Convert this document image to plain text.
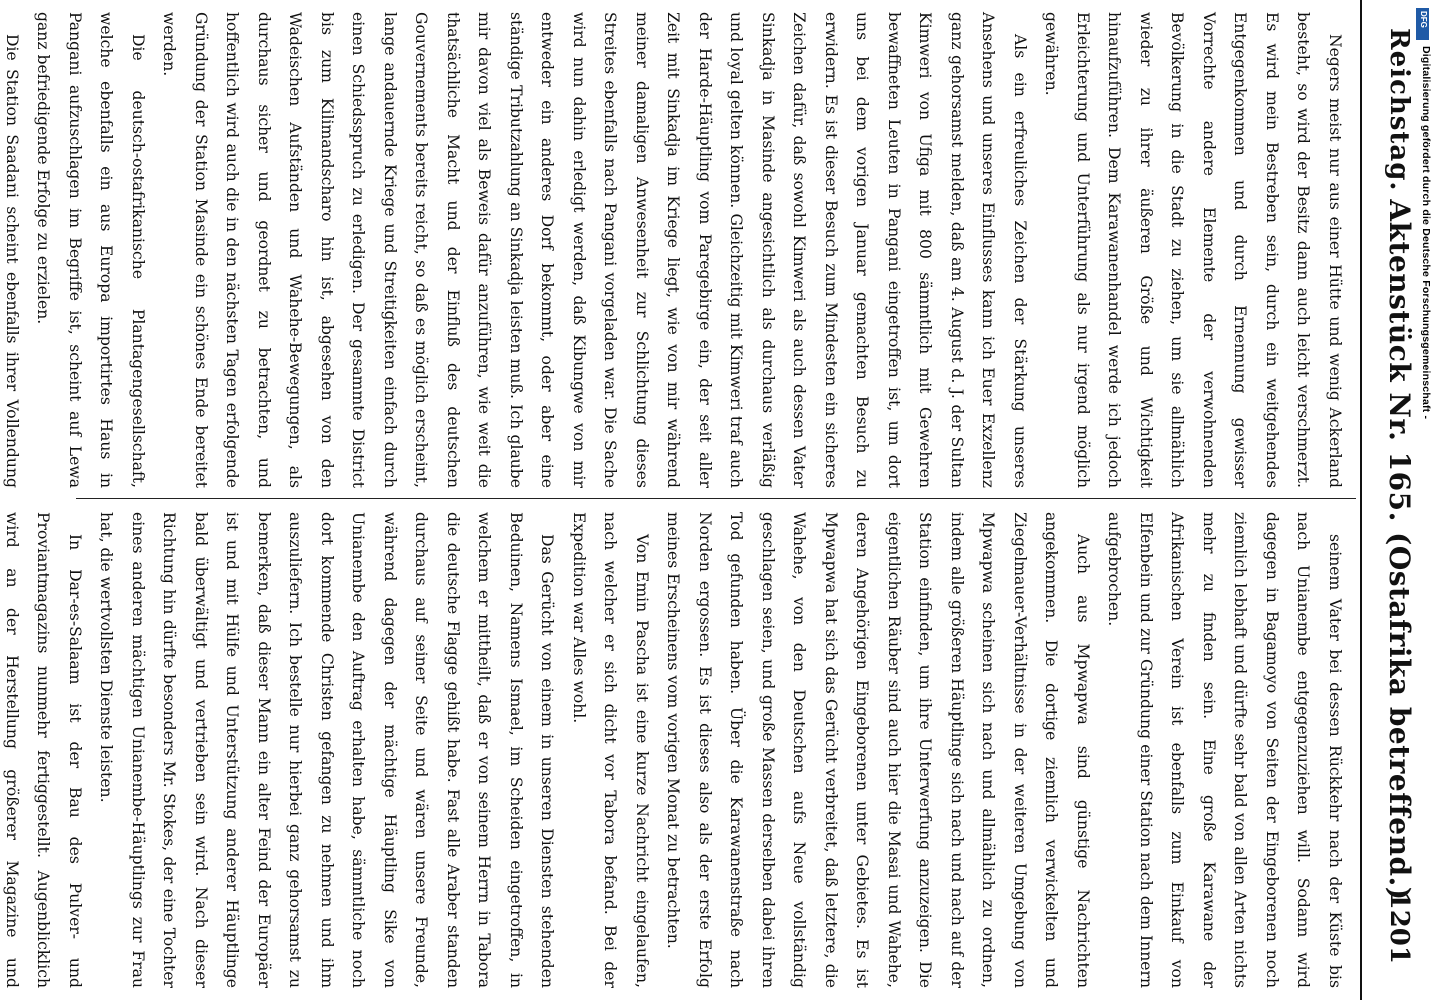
Reichstag.
Aktenstück Nr. 165. (Ostafrika betreffend.)
1201

Negers meist nur aus einer Hütte und wenig Ackerland besteht, so wird der Besitz dann auch leicht verschmerzt. Es wird mein Bestreben sein, durch ein weitgehendes Entgegenkommen und durch Ernennung gewisser Vorrechte andere Elemente der verwohnenden Bevölkerung in die Stadt zu ziehen, um sie allmählich wieder zu ihrer äußeren Größe und Wichtigkeit hinaufzuführen. Dem Karawanenhandel werde ich jedoch Erleichterung und Unterführung als nur irgend möglich gewähren.

Als ein erfreuliches Zeichen der Stärkung unseres Ansehens und unseres Einflusses kann ich Euer Exzellenz ganz gehorsamst melden, daß am 4. August d. J. der Sultan Kimweri von Ufiga mit 800 sämmtlich mit Gewehren bewaffneten Leuten in Pangani eingetroffen ist, um dort uns bei dem vorigen Januar gemachten Besuch zu erwidern. Es ist dieser Besuch zum Mindesten ein sicheres Zeichen dafür, daß sowohl Kimweri als auch dessen Vater Sinkadja in Masinde angesichtlich als durchaus verläßig und loyal gelten können. Gleichzeitig mit Kimweri traf auch der Harde-Häuptling vom Paregebirge ein, der seit aller Zeit mit Sinkadja im Kriege liegt, wie von mir während meiner damaligen Anwesenheit zur Schlichtung dieses Streites ebenfalls nach Pangani vorgeladen war. Die Sache wird nun dahin erledigt werden, daß Kibungwe von mir entweder ein anderes Dorf bekommt, oder aber eine ständige Tributzahlung an Sinkadja leisten muß. Ich glaube mir davon viel als Beweis dafür anzuführen, wie weit die thatsächliche Macht und der Einfluß des deutschen Gouvernements bereits reicht, so daß es möglich erscheint, lange andauernde Kriege und Streitigkeiten einfach durch einen Schiedsspruch zu erledigen. Der gesammte District bis zum Kilimandscharo hin ist, abgesehen von den Wadeischen Aufständen und Wahehe-Bewegungen, als durchaus sicher und geordnet zu betrachten, und hoffentlich wird auch die in den nächsten Tagen erfolgende Gründung der Station Masinde ein schönes Ende bereitet werden.

Die deutsch-ostafrikanische Plantagengesellschaft, welche ebenfalls ein aus Europa importirtes Haus in Pangani aufzuschlagen im Begriffe ist, scheint auf Lewa ganz befriedigende Erfolge zu erzielen.

Die Station Saadani scheint ebenfalls ihrer Vollendung

seinem Vater bei dessen Rückkehr nach der Küste bis nach Unianembe entgegenzuziehen will. Sodann wird dagegen in Bagamoyo von Seiten der Eingeborenen noch ziemlich lebhaft und dürfte sehr bald von allen Arten nichts mehr zu finden sein. Eine große Karawane der Afrikanischen Verein ist ebenfalls zum Einkauf von Elfenbein und zur Gründung einer Station nach dem Innern aufgebrochen.

Auch aus Mpwapwa sind günstige Nachrichten angekommen. Die dortige ziemlich verwickelten und Ziegelmauer-Verhältnisse in der weiteren Umgebung von Mpwapwa scheinen sich nach und allmählich zu ordnen, indem alle größeren Häuptlinge sich nach und nach auf der Station einfinden, um ihre Unterwerfung anzuzeigen. Die eigentlichen Räuber sind auch hier die Masai und Wahehe, deren Angehörigen Eingeborenen unter Gebietes. Es ist Mpwapwa hat sich das Gerücht verbreitet, daß letztere, die Wahehe, von den Deutschen aufs Neue vollständig geschlagen seien, und große Massen derselben dabei ihren Tod gefunden haben. Über die Karawanenstraße nach Norden ergossen. Es ist dieses also als der erste Erfolg meines Erscheinens vom vorigen Monat zu betrachten.

Von Emin Pascha ist eine kurze Nachricht eingelaufen, nach welcher er sich dicht vor Tabora befand. Bei der Expedition war Alles wohl.

Das Gerücht von einem in unseren Diensten stehenden Beduinen, Namens Ismael, im Scheiden eingetroffen, in welchem er mittheilt, daß er von seinem Herrn in Tabora die deutsche Flagge gehißt habe. Fast alle Araber standen durchaus auf seiner Seite und wären unsere Freunde, während dagegen der mächtige Häuptling Sike von Unianembe den Auftrag erhalten habe, sämmtliche noch dort kommende Christen gefangen zu nehmen und ihm auszuliefern. Ich bestelle nur hierbei ganz gehorsamst zu bemerken, daß dieser Mann ein alter Feind der Europäer ist und mit Hülfe und Unterstützung anderer Häuptlinge bald überwältigt und vertrieben sein wird. Nach dieser Richtung hin dürfte besonders Mr. Stokes, der eine Tochter eines anderen mächtigen Unianembe-Häuptlings zur Frau hat, die wertvollsten Dienste leisten.

In Dar-es-Salaam ist der Bau des Pulver- und Proviantmagazins nunmehr fertiggestellt. Augenblicklich wird an der Herstellung größerer Magazine und

DFG
Digitalisierung gefördert durch die Deutsche Forschungsgemeinschaft -
